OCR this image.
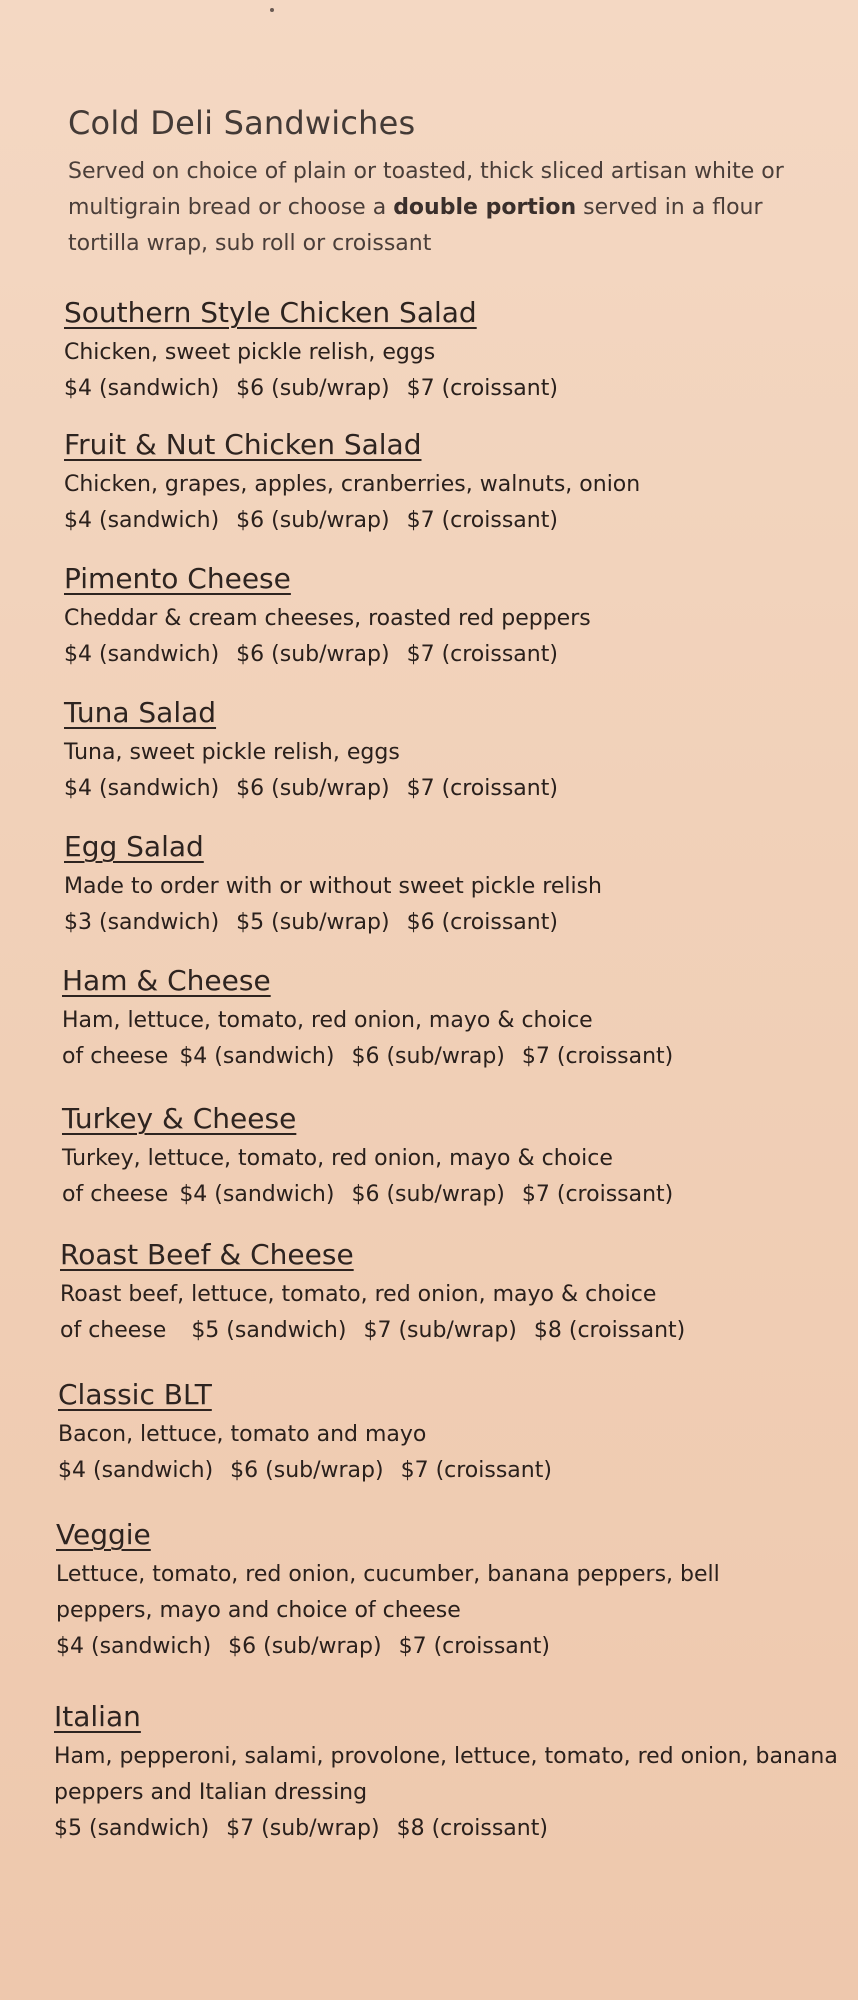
Cold Deli Sandwiches
Served on choice of plain or toasted, thick sliced artisan white or multigrain bread or choose a double portion served in a flour tortilla wrap, sub roll or croissant
Southern Style Chicken Salad
Chicken, sweet pickle relish, eggs
$4 (sandwich) $6 (sub/wrap) $7 (croissant)
Fruit & Nut Chicken Salad
Chicken, grapes, apples, cranberries, walnuts, onion
$4 (sandwich) $6 (sub/wrap) $7 (croissant)
Pimento Cheese
Cheddar & cream cheeses, roasted red peppers
$4 (sandwich) $6 (sub/wrap) $7 (croissant)
Tuna Salad
Tuna, sweet pickle relish, eggs
$4 (sandwich) $6 (sub/wrap) $7 (croissant)
Egg Salad
Made to order with or without sweet pickle relish
$3 (sandwich) $5 (sub/wrap) $6 (croissant)
Ham & Cheese
Ham, lettuce, tomato, red onion, mayo & choice
of cheese $4 (sandwich) $6 (sub/wrap) $7 (croissant)
Turkey & Cheese
Turkey, lettuce, tomato, red onion, mayo & choice
of cheese $4 (sandwich) $6 (sub/wrap) $7 (croissant)
Roast Beef & Cheese
Roast beef, lettuce, tomato, red onion, mayo & choice
of cheese $5 (sandwich) $7 (sub/wrap) $8 (croissant)
Classic BLT
Bacon, lettuce, tomato and mayo
$4 (sandwich) $6 (sub/wrap) $7 (croissant)
Veggie
Lettuce, tomato, red onion, cucumber, banana peppers, bell peppers, mayo and choice of cheese
$4 (sandwich) $6 (sub/wrap) $7 (croissant)
Italian
Ham, pepperoni, salami, provolone, lettuce, tomato, red onion, banana peppers and Italian dressing
$5 (sandwich) $7 (sub/wrap) $8 (croissant)
